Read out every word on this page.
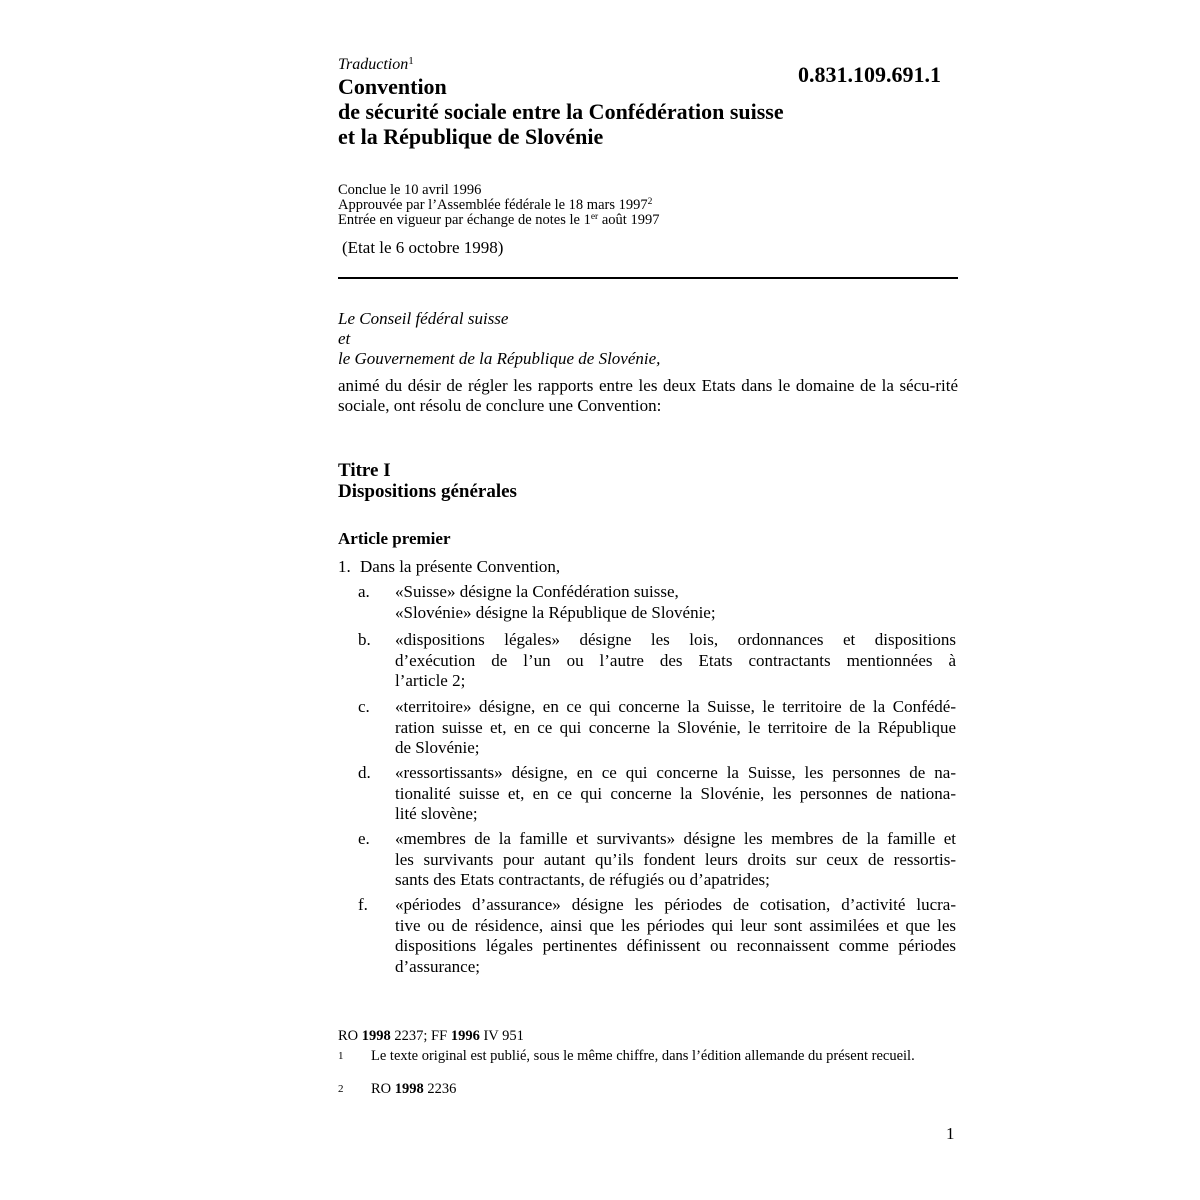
Traduction$^1$
0.831.109.691.1
Convention
de sécurité sociale entre la Confédération suisse
et la République de Slovénie
Conclue le 10 avril 1996
Approuvée par l’Assemblée fédérale le 18 mars 1997$^2$
Entrée en vigueur par échange de notes le 1er août 1997
(Etat le 6 octobre 1998)
Le Conseil fédéral suisse
et
le Gouvernement de la République de Slovénie,
animé du désir de régler les rapports entre les deux Etats dans le domaine de la sécu-rité sociale, ont résolu de conclure une Convention:
Titre I
Dispositions générales
Article premier
1. Dans la présente Convention,
a. «Suisse» désigne la Confédération suisse,
«Slovénie» désigne la République de Slovénie;
b. «dispositions légales» désigne les lois, ordonnances et dispositions
d’exécution de l’un ou l’autre des Etats contractants mentionnées à
l’article 2;
c. «territoire» désigne, en ce qui concerne la Suisse, le territoire de la Confédé-
ration suisse et, en ce qui concerne la Slovénie, le territoire de la République
de Slovénie;
d. «ressortissants» désigne, en ce qui concerne la Suisse, les personnes de na-
tionalité suisse et, en ce qui concerne la Slovénie, les personnes de nationa-
lité slovène;
e. «membres de la famille et survivants» désigne les membres de la famille et
les survivants pour autant qu’ils fondent leurs droits sur ceux de ressortis-
sants des Etats contractants, de réfugiés ou d’apatrides;
f. «périodes d’assurance» désigne les périodes de cotisation, d’activité lucra-
tive ou de résidence, ainsi que les périodes qui leur sont assimilées et que les
dispositions légales pertinentes définissent ou reconnaissent comme périodes
d’assurance;
RO 1998 2237; FF 1996 IV 951
1 Le texte original est publié, sous le même chiffre, dans l’édition allemande du présent recueil.
2 RO 1998 2236
1
